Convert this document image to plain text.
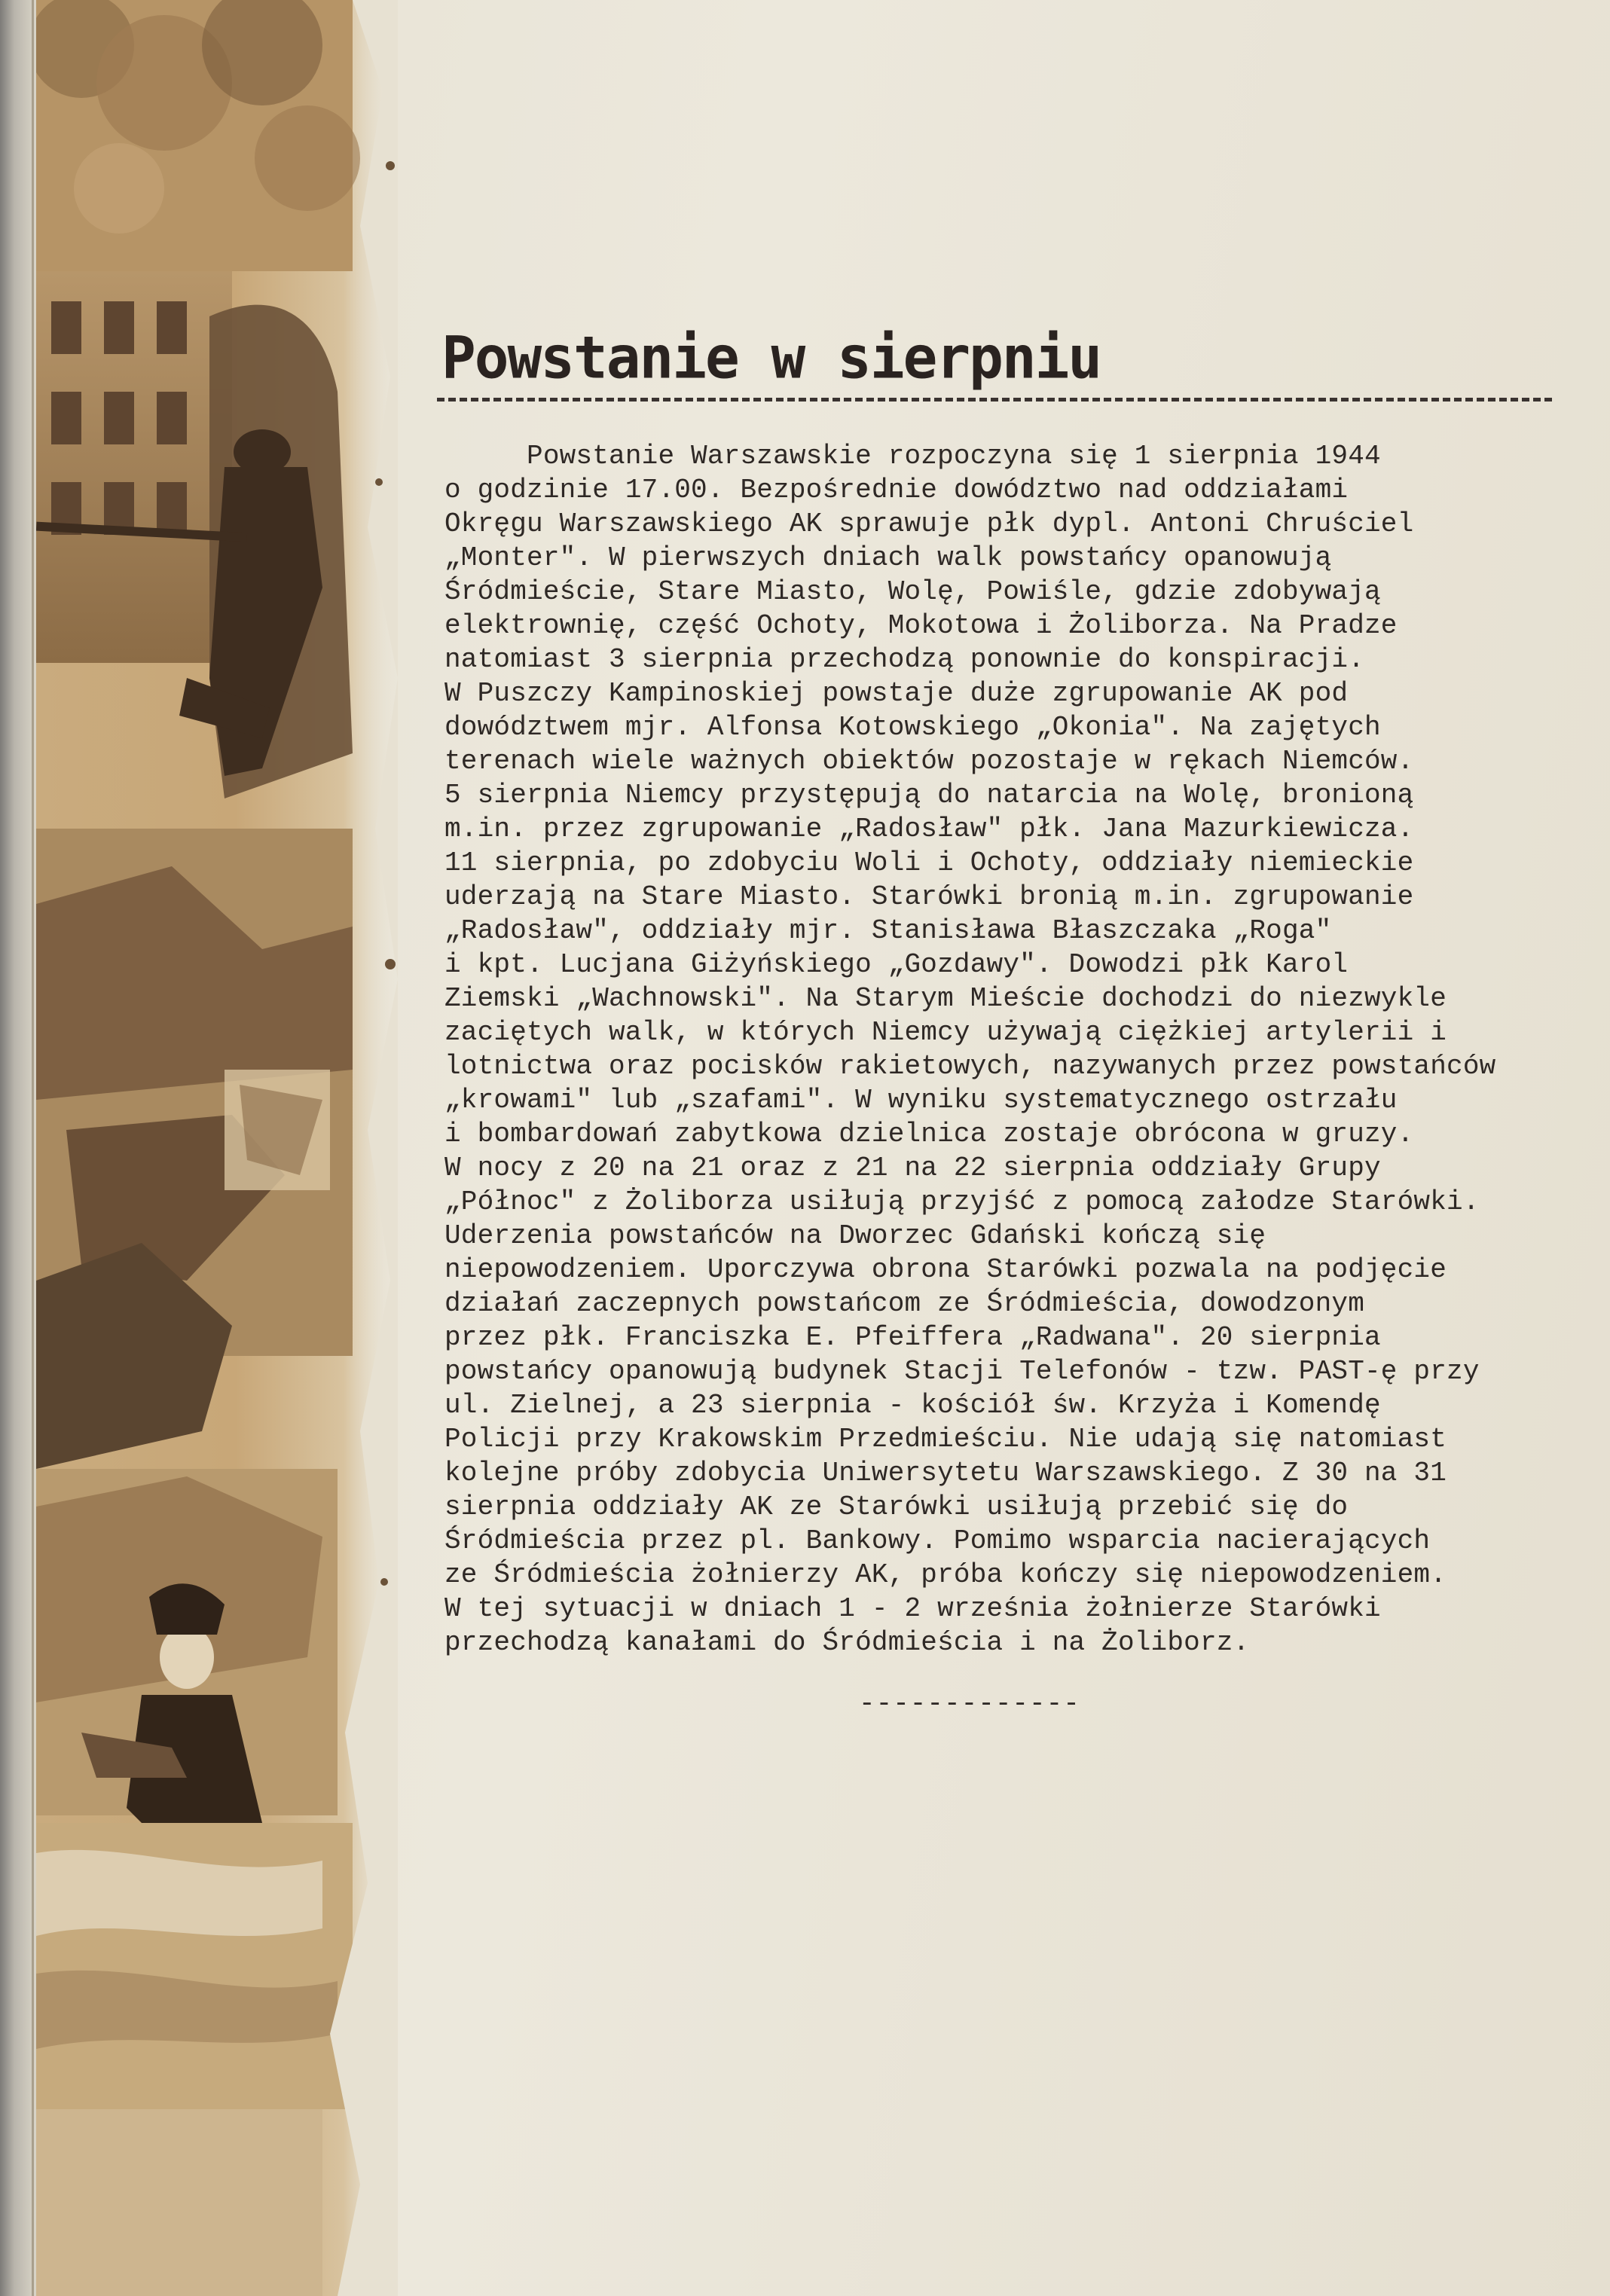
Powstanie w sierpniu
Powstanie Warszawskie rozpoczyna się 1 sierpnia 1944
o godzinie 17.00. Bezpośrednie dowództwo nad oddziałami
Okręgu Warszawskiego AK sprawuje płk dypl. Antoni Chruściel
„Monter". W pierwszych dniach walk powstańcy opanowują
Śródmieście, Stare Miasto, Wolę, Powiśle, gdzie zdobywają
elektrownię, część Ochoty, Mokotowa i Żoliborza. Na Pradze
natomiast 3 sierpnia przechodzą ponownie do konspiracji.
W Puszczy Kampinoskiej powstaje duże zgrupowanie AK pod
dowództwem mjr. Alfonsa Kotowskiego „Okonia". Na zajętych
terenach wiele ważnych obiektów pozostaje w rękach Niemców.
5 sierpnia Niemcy przystępują do natarcia na Wolę, bronioną
m.in. przez zgrupowanie „Radosław" płk. Jana Mazurkiewicza.
11 sierpnia, po zdobyciu Woli i Ochoty, oddziały niemieckie
uderzają na Stare Miasto. Starówki bronią m.in. zgrupowanie
„Radosław", oddziały mjr. Stanisława Błaszczaka „Roga"
i kpt. Lucjana Giżyńskiego „Gozdawy". Dowodzi płk Karol
Ziemski „Wachnowski". Na Starym Mieście dochodzi do niezwykle
zaciętych walk, w których Niemcy używają ciężkiej artylerii i
lotnictwa oraz pocisków rakietowych, nazywanych przez powstańców
„krowami" lub „szafami". W wyniku systematycznego ostrzału
i bombardowań zabytkowa dzielnica zostaje obrócona w gruzy.
W nocy z 20 na 21 oraz z 21 na 22 sierpnia oddziały Grupy
„Północ" z Żoliborza usiłują przyjść z pomocą załodze Starówki.
Uderzenia powstańców na Dworzec Gdański kończą się
niepowodzeniem. Uporczywa obrona Starówki pozwala na podjęcie
działań zaczepnych powstańcom ze Śródmieścia, dowodzonym
przez płk. Franciszka E. Pfeiffera „Radwana". 20 sierpnia
powstańcy opanowują budynek Stacji Telefonów - tzw. PAST-ę przy
ul. Zielnej, a 23 sierpnia - kościół św. Krzyża i Komendę
Policji przy Krakowskim Przedmieściu. Nie udają się natomiast
kolejne próby zdobycia Uniwersytetu Warszawskiego. Z 30 na 31
sierpnia oddziały AK ze Starówki usiłują przebić się do
Śródmieścia przez pl. Bankowy. Pomimo wsparcia nacierających
ze Śródmieścia żołnierzy AK, próba kończy się niepowodzeniem.
W tej sytuacji w dniach 1 - 2 września żołnierze Starówki
przechodzą kanałami do Śródmieścia i na Żoliborz.
-------------
